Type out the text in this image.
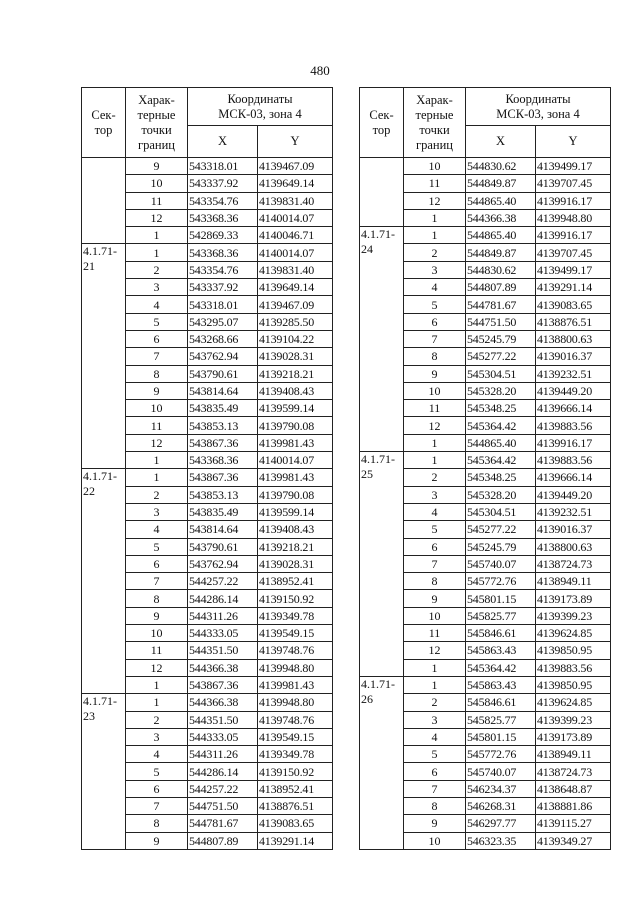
480
Сек-
тор	Харак-
терные
точки
границ	Координаты
МСК-03, зона 4	
		X	Y
	9	543318.01	4139467.09
	10	543337.92	4139649.14
	11	543354.76	4139831.40
	12	543368.36	4140014.07
	1	542869.33	4140046.71
4.1.71-
21	1	543368.36	4140014.07
	2	543354.76	4139831.40
	3	543337.92	4139649.14
	4	543318.01	4139467.09
	5	543295.07	4139285.50
	6	543268.66	4139104.22
	7	543762.94	4139028.31
	8	543790.61	4139218.21
	9	543814.64	4139408.43
	10	543835.49	4139599.14
	11	543853.13	4139790.08
	12	543867.36	4139981.43
	1	543368.36	4140014.07
4.1.71-
22	1	543867.36	4139981.43
	2	543853.13	4139790.08
	3	543835.49	4139599.14
	4	543814.64	4139408.43
	5	543790.61	4139218.21
	6	543762.94	4139028.31
	7	544257.22	4138952.41
	8	544286.14	4139150.92
	9	544311.26	4139349.78
	10	544333.05	4139549.15
	11	544351.50	4139748.76
	12	544366.38	4139948.80
	1	543867.36	4139981.43
4.1.71-
23	1	544366.38	4139948.80
	2	544351.50	4139748.76
	3	544333.05	4139549.15
	4	544311.26	4139349.78
	5	544286.14	4139150.92
	6	544257.22	4138952.41
	7	544751.50	4138876.51
	8	544781.67	4139083.65
	9	544807.89	4139291.14
Сек-
тор	Харак-
терные
точки
границ	Координаты
МСК-03, зона 4	
		X	Y
	10	544830.62	4139499.17
	11	544849.87	4139707.45
	12	544865.40	4139916.17
	1	544366.38	4139948.80
4.1.71-
24	1	544865.40	4139916.17
	2	544849.87	4139707.45
	3	544830.62	4139499.17
	4	544807.89	4139291.14
	5	544781.67	4139083.65
	6	544751.50	4138876.51
	7	545245.79	4138800.63
	8	545277.22	4139016.37
	9	545304.51	4139232.51
	10	545328.20	4139449.20
	11	545348.25	4139666.14
	12	545364.42	4139883.56
	1	544865.40	4139916.17
4.1.71-
25	1	545364.42	4139883.56
	2	545348.25	4139666.14
	3	545328.20	4139449.20
	4	545304.51	4139232.51
	5	545277.22	4139016.37
	6	545245.79	4138800.63
	7	545740.07	4138724.73
	8	545772.76	4138949.11
	9	545801.15	4139173.89
	10	545825.77	4139399.23
	11	545846.61	4139624.85
	12	545863.43	4139850.95
	1	545364.42	4139883.56
4.1.71-
26	1	545863.43	4139850.95
	2	545846.61	4139624.85
	3	545825.77	4139399.23
	4	545801.15	4139173.89
	5	545772.76	4138949.11
	6	545740.07	4138724.73
	7	546234.37	4138648.87
	8	546268.31	4138881.86
	9	546297.77	4139115.27
	10	546323.35	4139349.27
